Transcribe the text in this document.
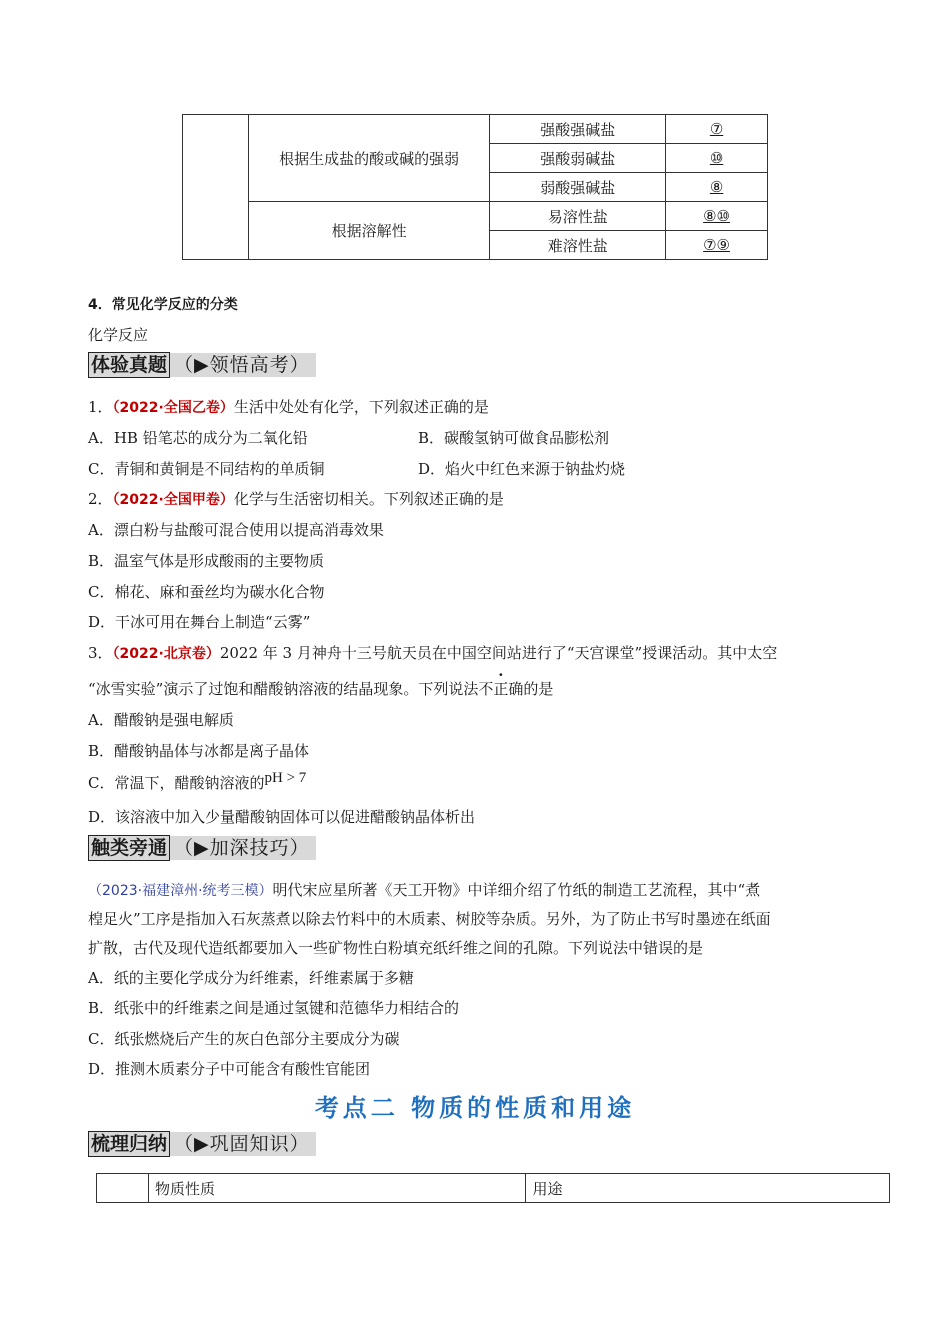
	根据生成盐的酸或碱的强弱	强酸强碱盐	⑦
		强酸弱碱盐	⑩
		弱酸强碱盐	⑧
	根据溶解性	易溶性盐	⑧⑩
		难溶性盐	⑦⑨
4．常见化学反应的分类
化学反应
体验真题 （▶领悟高考）
1．（2022·全国乙卷）生活中处处有化学，下列叙述正确的是
A．HB 铅笔芯的成分为二氧化铅	B．碳酸氢钠可做食品膨松剂
C．青铜和黄铜是不同结构的单质铜	D．焰火中红色来源于钠盐灼烧
2．（2022·全国甲卷）化学与生活密切相关。下列叙述正确的是
A．漂白粉与盐酸可混合使用以提高消毒效果
B．温室气体是形成酸雨的主要物质
C．棉花、麻和蚕丝均为碳水化合物
D．干冰可用在舞台上制造“云雾”
3．（2022·北京卷）2022 年 3 月神舟十三号航天员在中国空间站进行了“天宫课堂”授课活动。其中太空
“冰雪实验”演示了过饱和醋酸钠溶液的结晶现象。下列说法不正确的是
A．醋酸钠是强电解质
B．醋酸钠晶体与冰都是离子晶体
C．常温下，醋酸钠溶液的pH > 7
D．该溶液中加入少量醋酸钠固体可以促进醋酸钠晶体析出
触类旁通 （▶加深技巧）
（2023·福建漳州·统考三模）明代宋应星所著《天工开物》中详细介绍了竹纸的制造工艺流程，其中“煮
楻足火”工序是指加入石灰蒸煮以除去竹料中的木质素、树胶等杂质。另外，为了防止书写时墨迹在纸面
扩散，古代及现代造纸都要加入一些矿物性白粉填充纸纤维之间的孔隙。下列说法中错误的是
A．纸的主要化学成分为纤维素，纤维素属于多糖
B．纸张中的纤维素之间是通过氢键和范德华力相结合的
C．纸张燃烧后产生的灰白色部分主要成分为碳
D．推测木质素分子中可能含有酸性官能团
考点二 物质的性质和用途
梳理归纳 （▶巩固知识）
	物质性质	用途
